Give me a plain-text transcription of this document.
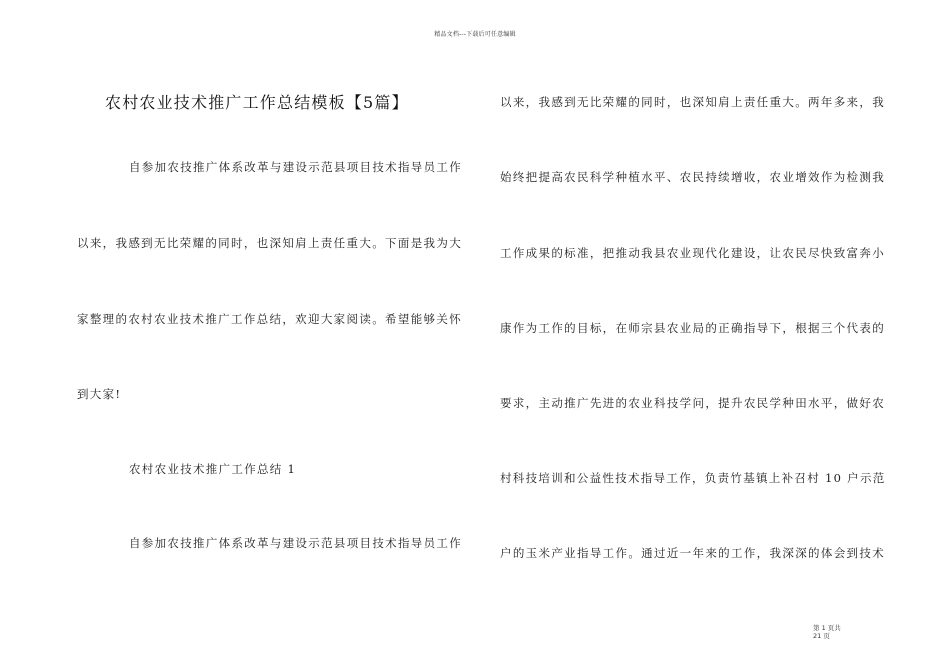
精品文档---下载后可任意编辑
农村农业技术推广工作总结模板【5篇】
自参加农技推广体系改革与建设示范县项目技术指导员工作
以来，我感到无比荣耀的同时，也深知肩上责任重大。下面是我为大
家整理的农村农业技术推广工作总结，欢迎大家阅读。希望能够关怀
到大家!
农村农业技术推广工作总结 1
自参加农技推广体系改革与建设示范县项目技术指导员工作
以来，我感到无比荣耀的同时，也深知肩上责任重大。两年多来，我
始终把提高农民科学种植水平、农民持续增收，农业增效作为检测我
工作成果的标准，把推动我县农业现代化建设，让农民尽快致富奔小
康作为工作的目标，在师宗县农业局的正确指导下，根据三个代表的
要求，主动推广先进的农业科技学问，提升农民学种田水平，做好农
村科技培训和公益性技术指导工作，负责竹基镇上补召村 10 户示范
户的玉米产业指导工作。通过近一年来的工作，我深深的体会到技术
第 1 页共 21 页
